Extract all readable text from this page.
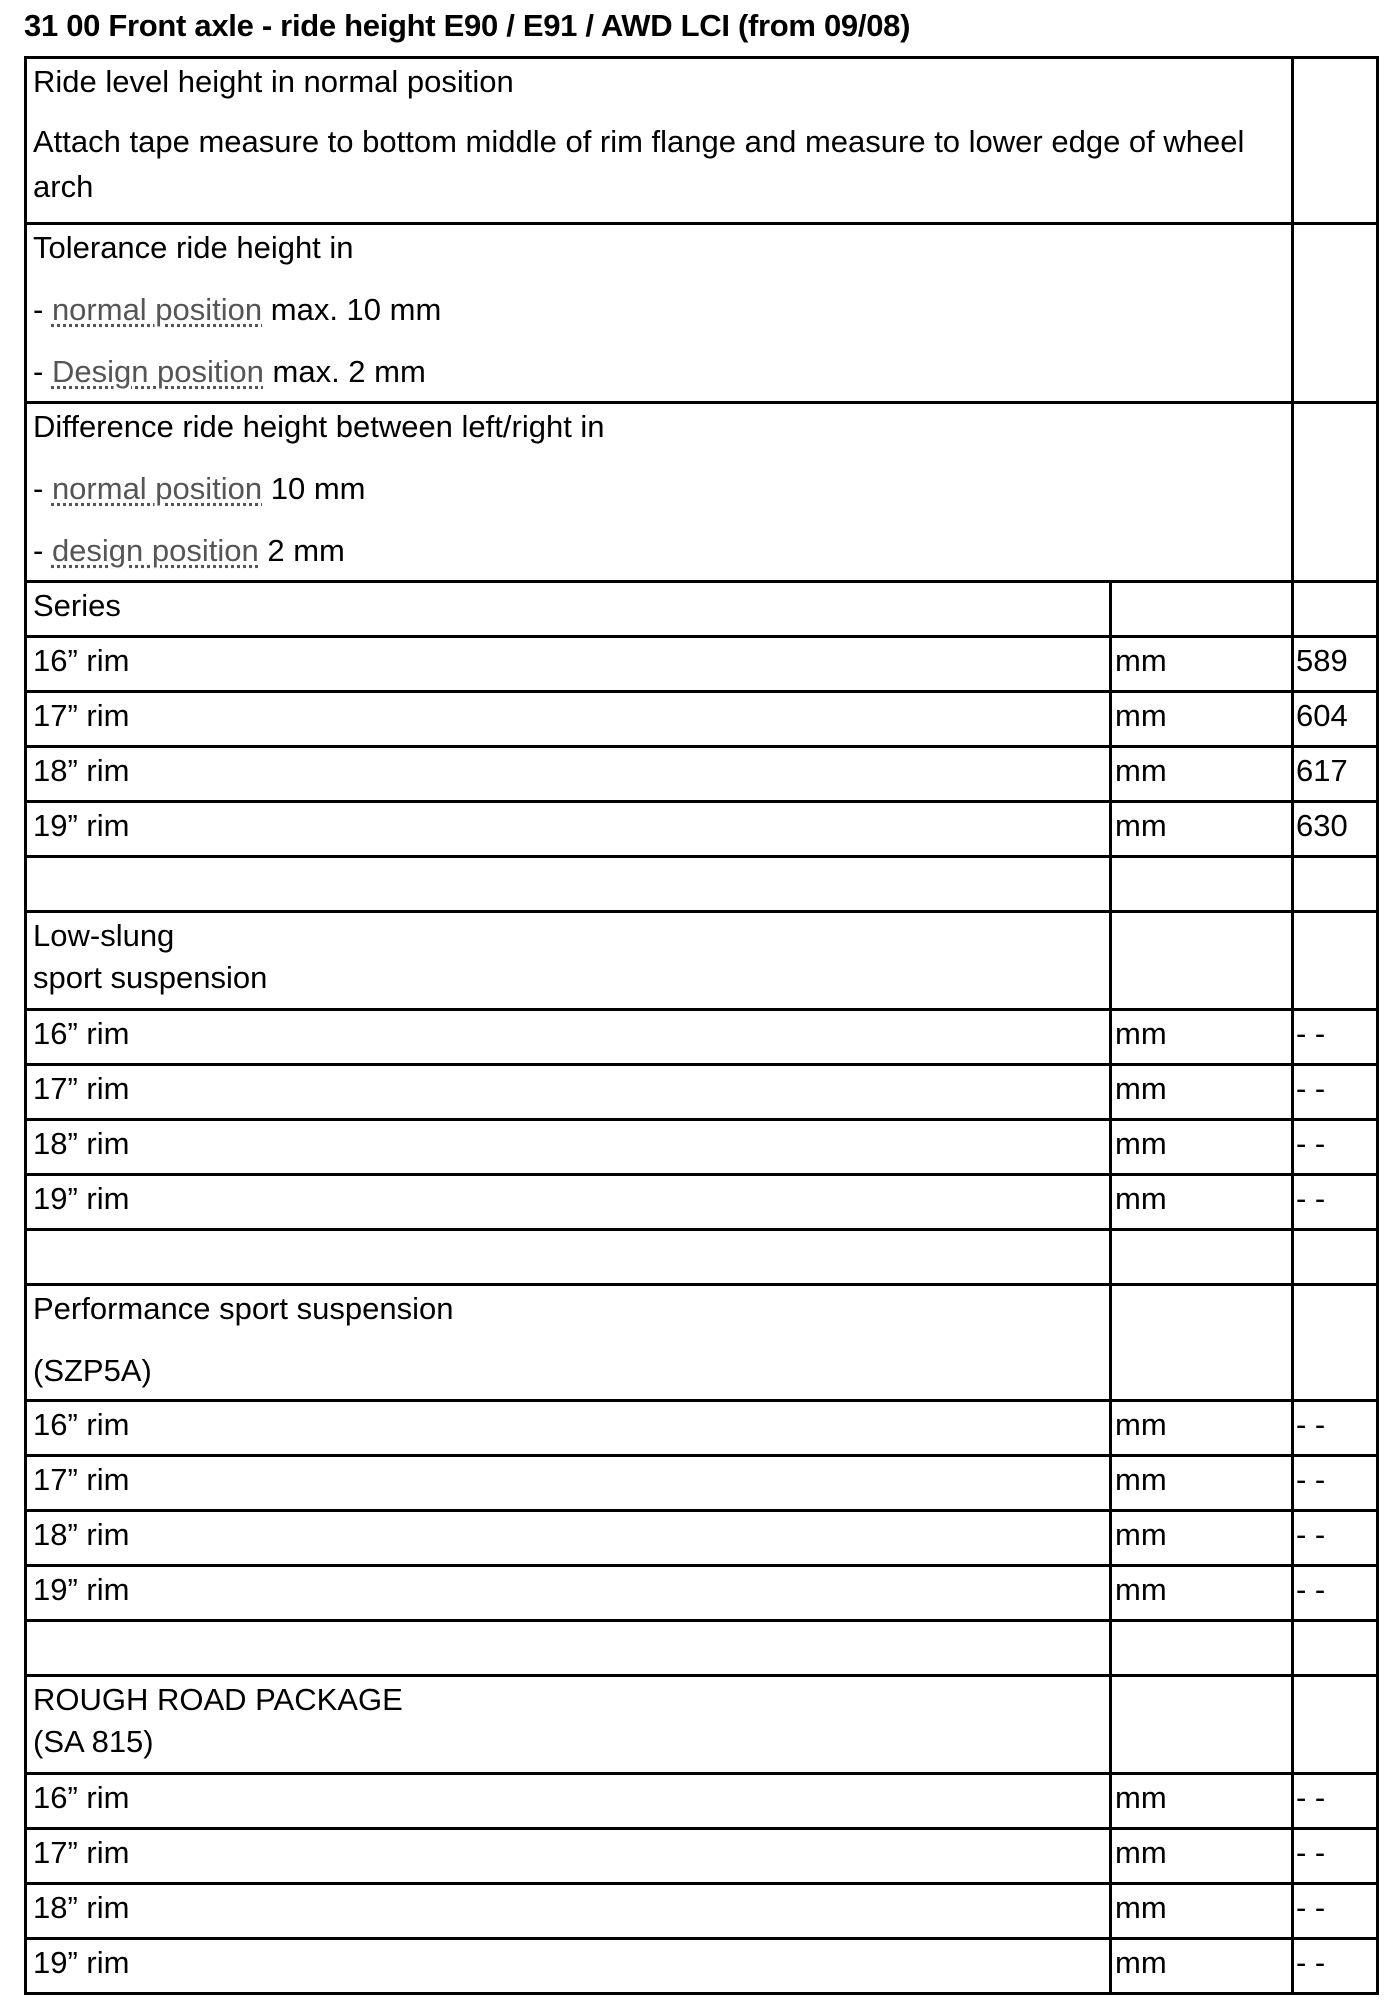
31 00 Front axle - ride height E90 / E91 / AWD LCI (from 09/08)
Ride level height in normal position
Attach tape measure to bottom middle of rim flange and measure to lower edge of wheel arch		

Tolerance ride height in
- normal position max. 10 mm
- Design position max. 2 mm		

Difference ride height between left/right in
- normal position 10 mm
- design position 2 mm		

Series		
16” rim	mm	589
17” rim	mm	604
18” rim	mm	617
19” rim	mm	630

Low-slung
sport suspension		

16” rim	mm	- -
17” rim	mm	- -
18” rim	mm	- -
19” rim	mm	- -

Performance sport suspension
(SZP5A)		

16” rim	mm	- -
17” rim	mm	- -
18” rim	mm	- -
19” rim	mm	- -

ROUGH ROAD PACKAGE
(SA 815)		

16” rim	mm	- -
17” rim	mm	- -
18” rim	mm	- -
19” rim	mm	- -
